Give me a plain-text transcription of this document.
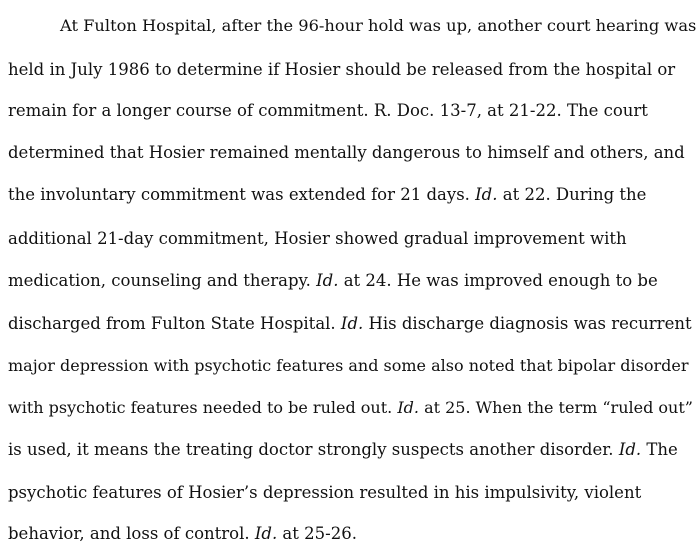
At Fulton Hospital, after the 96-hour hold was up, another court hearing was
held in July 1986 to determine if Hosier should be released from the hospital or
remain for a longer course of commitment. R. Doc. 13-7, at 21-22. The court
determined that Hosier remained mentally dangerous to himself and others, and
the involuntary commitment was extended for 21 days. Id. at 22. During the
additional 21-day commitment, Hosier showed gradual improvement with
medication, counseling and therapy. Id. at 24. He was improved enough to be
discharged from Fulton State Hospital. Id. His discharge diagnosis was recurrent
major depression with psychotic features and some also noted that bipolar disorder
with psychotic features needed to be ruled out. Id. at 25. When the term “ruled out”
is used, it means the treating doctor strongly suspects another disorder. Id. The
psychotic features of Hosier’s depression resulted in his impulsivity, violent
behavior, and loss of control. Id. at 25-26.
